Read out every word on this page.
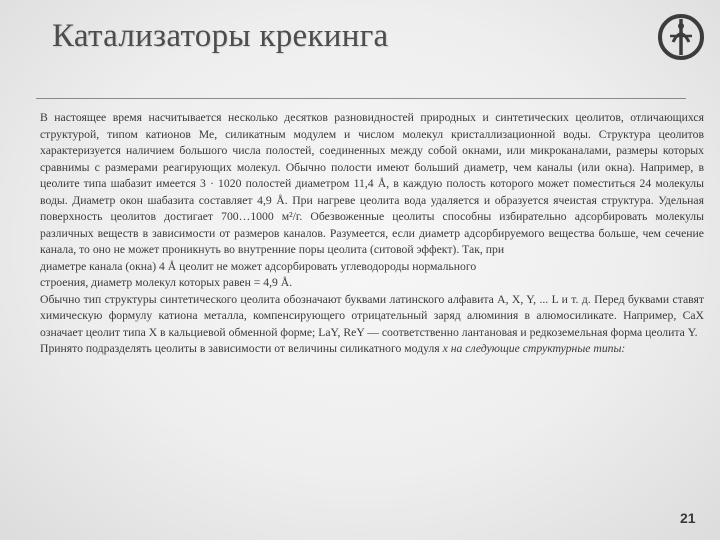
Катализаторы крекинга

В настоящее время насчитывается несколько десятков разновидностей природных и синтетических цеолитов, отличающихся структурой, типом катионов Ме, силикатным модулем и числом молекул кристаллизационной воды. Структура цеолитов характеризуется наличием большого числа полостей, соединенных между собой окнами, или микроканалами, размеры которых сравнимы с размерами реагирующих молекул. Обычно полости имеют больший диаметр, чем каналы (или окна). Например, в цеолите типа шабазит имеется 3 · 1020 полостей диаметром 11,4 Å, в каждую полость которого может поместиться 24 молекулы воды. Диаметр окон шабазита составляет 4,9 Å. При нагреве цеолита вода удаляется и образуется ячеистая структура. Удельная поверхность цеолитов достигает 700…1000 м²/г. Обезвоженные цеолиты способны избирательно адсорбировать молекулы различных веществ в зависимости от размеров каналов. Разумеется, если диаметр адсорбируемого вещества больше, чем сечение канала, то оно не может проникнуть во внутренние поры цеолита (ситовой эффект). Так, при

диаметре канала (окна) 4 Å цеолит не может адсорбировать углеводороды нормального

строения, диаметр молекул которых равен = 4,9 Å.

Обычно тип структуры синтетического цеолита обозначают буквами латинского алфавита А, X, Y, ... L и т. д. Перед буквами ставят химическую формулу катиона металла, компенсирующего отрицательный заряд алюминия в алюмосиликате. Например, СаХ означает цеолит типа X в кальциевой обменной форме; LaY, ReY — соответственно лантановая и редкоземельная форма цеолита Y.

Принято подразделять цеолиты в зависимости от величины силикатного модуля х на следующие структурные типы:

21
